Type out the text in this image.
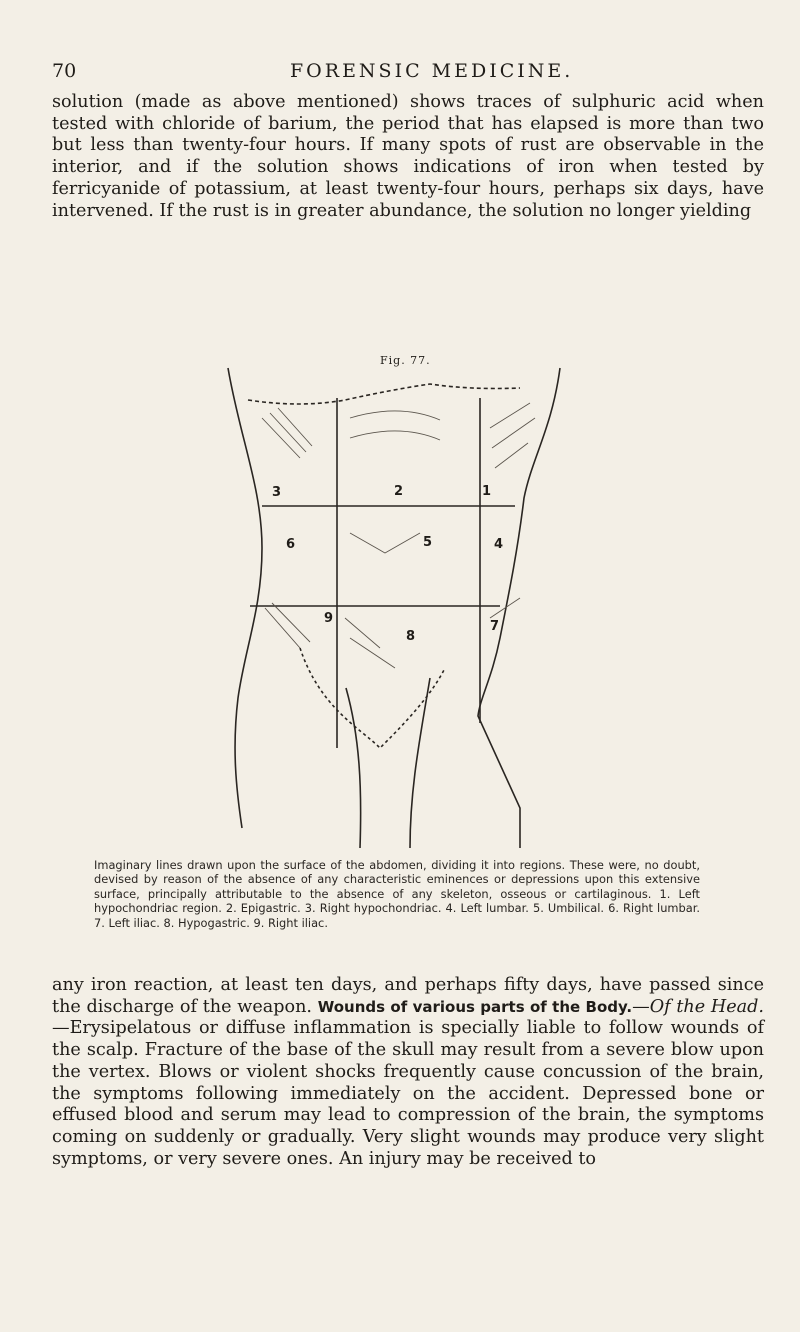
70	FORENSIC MEDICINE.

solution (made as above mentioned) shows traces of sulphuric acid when tested with chloride of barium, the period that has elapsed is more than two but less than twenty-four hours. If many spots of rust are observable in the interior, and if the solution shows indications of iron when tested by ferricyanide of potassium, at least twenty-four hours, perhaps six days, have intervened. If the rust is in greater abundance, the solution no longer yielding

Fig. 77.
3	2	1
6	5	4
9
8
7

Imaginary lines drawn upon the surface of the abdomen, dividing it into regions. These were, no doubt, devised by reason of the absence of any characteristic eminences or depressions upon this extensive surface, principally attributable to the absence of any skeleton, osseous or cartilaginous. 1. Left hypochondriac region. 2. Epigastric. 3. Right hypochondriac. 4. Left lumbar. 5. Umbilical. 6. Right lumbar. 7. Left iliac. 8. Hypogastric. 9. Right iliac.

any iron reaction, at least ten days, and perhaps fifty days, have passed since the discharge of the weapon. Wounds of various parts of the Body.—Of the Head.—Erysipelatous or diffuse inflammation is specially liable to follow wounds of the scalp. Fracture of the base of the skull may result from a severe blow upon the vertex. Blows or violent shocks frequently cause concussion of the brain, the symptoms following immediately on the accident. Depressed bone or effused blood and serum may lead to compression of the brain, the symptoms coming on suddenly or gradually. Very slight wounds may produce very slight symptoms, or very severe ones. An injury may be received to
